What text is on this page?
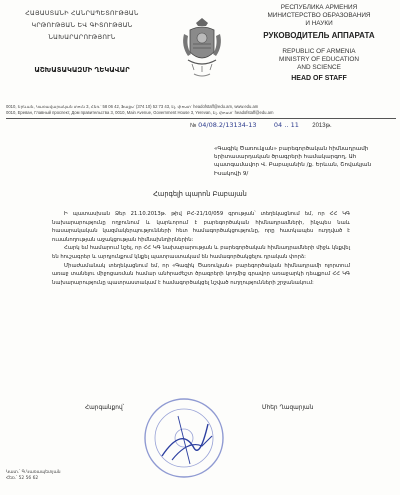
ՀԱՅԱՍՏԱՆԻ ՀԱՆՐԱՊԵՏՈՒԹՅԱՆ
ԿՐԹՈՒԹՅԱՆ ԵՎ ԳԻՏՈՒԹՅԱՆ
ՆԱԽԱՐԱՐՈՒԹՅՈՒՆ
ԱՇԽԱՏԱԿԱԶՄԻ ՂԵԿԱՎԱՐ
РЕСПУБЛИКА АРМЕНИЯ
МИНИСТЕРСТВО ОБРАЗОВАНИЯ
И НАУКИ
РУКОВОДИТЕЛЬ АППАРАТА
REPUBLIC OF ARMENIA
MINISTRY OF EDUCATION
AND SCIENCE
HEAD OF STAFF
0010, Երևան, Կառավարական տուն 3, Հեռ.՝ 58 06 42, Ֆաքս՝ (374 10) 52 73 43, Էլ. փոստ՝ headofstaff@edu.am, www.edu.am
0010, Ереван, Главный проспект, Дом правительства 3, 0010, Main Avenue, Government House 3, Yerevan, Էլ. փոստ՝ headofstaff@edu.am
№ 04/08.2/13134-13	04 ․․ 11 2013թ.
«Գագիկ Ծառուկյան» բարեգործական հիմնադրամի երիտասարդական ծրագրերի համակարգող, Ահ պատգամավոր Վ. Բաբայանին /ք. Երևան, Շովակյան Իսակովի 9/
Հարգելի պարոն Բաբայան

Ի պատասխան Ձեր 21.10.2013թ. թիվ ԲՀ-21/10/059 գրության՝ տեղեկացնում եմ, որ ՀՀ ԿԳ նախարարությունը ողջունում և կարևորում է բարեգործական հիմնադրամների, ինչպես նաև հասարակական կազմակերպությունների հետ համագործակցությունը, որը հատկապես ուղղված է ուսանողության աջակցության հիմնախնդիրներին:

Հարկ եմ համարում նշել, որ ՀՀ ԿԳ նախարարության և բարեգործական հիմնադրամների միջև կնքվել են հուշագրեր և արդյունքում կնքել պատրաստակամ են համագործակցելու դրական փորձ:

Միաժամանակ տեղեկացնում եմ, որ «Գագիկ Ծառուկյան» բարեգործական հիմնադրամի ոլորտում առաջ տանելու միջոցառման համար անհրաժեշտ ծրագրերի կողմից գրավոր առաջարկի դեպքում ՀՀ ԿԳ նախարարությունը պատրաստակամ է համագործակցել նշված ուղղությունների շրջանակում:

Հարգանքով՝	Մհեր Ղազարյան
Կատ.՝ Գ.Կառապետյան
Հեռ.՝ 52 56 62
